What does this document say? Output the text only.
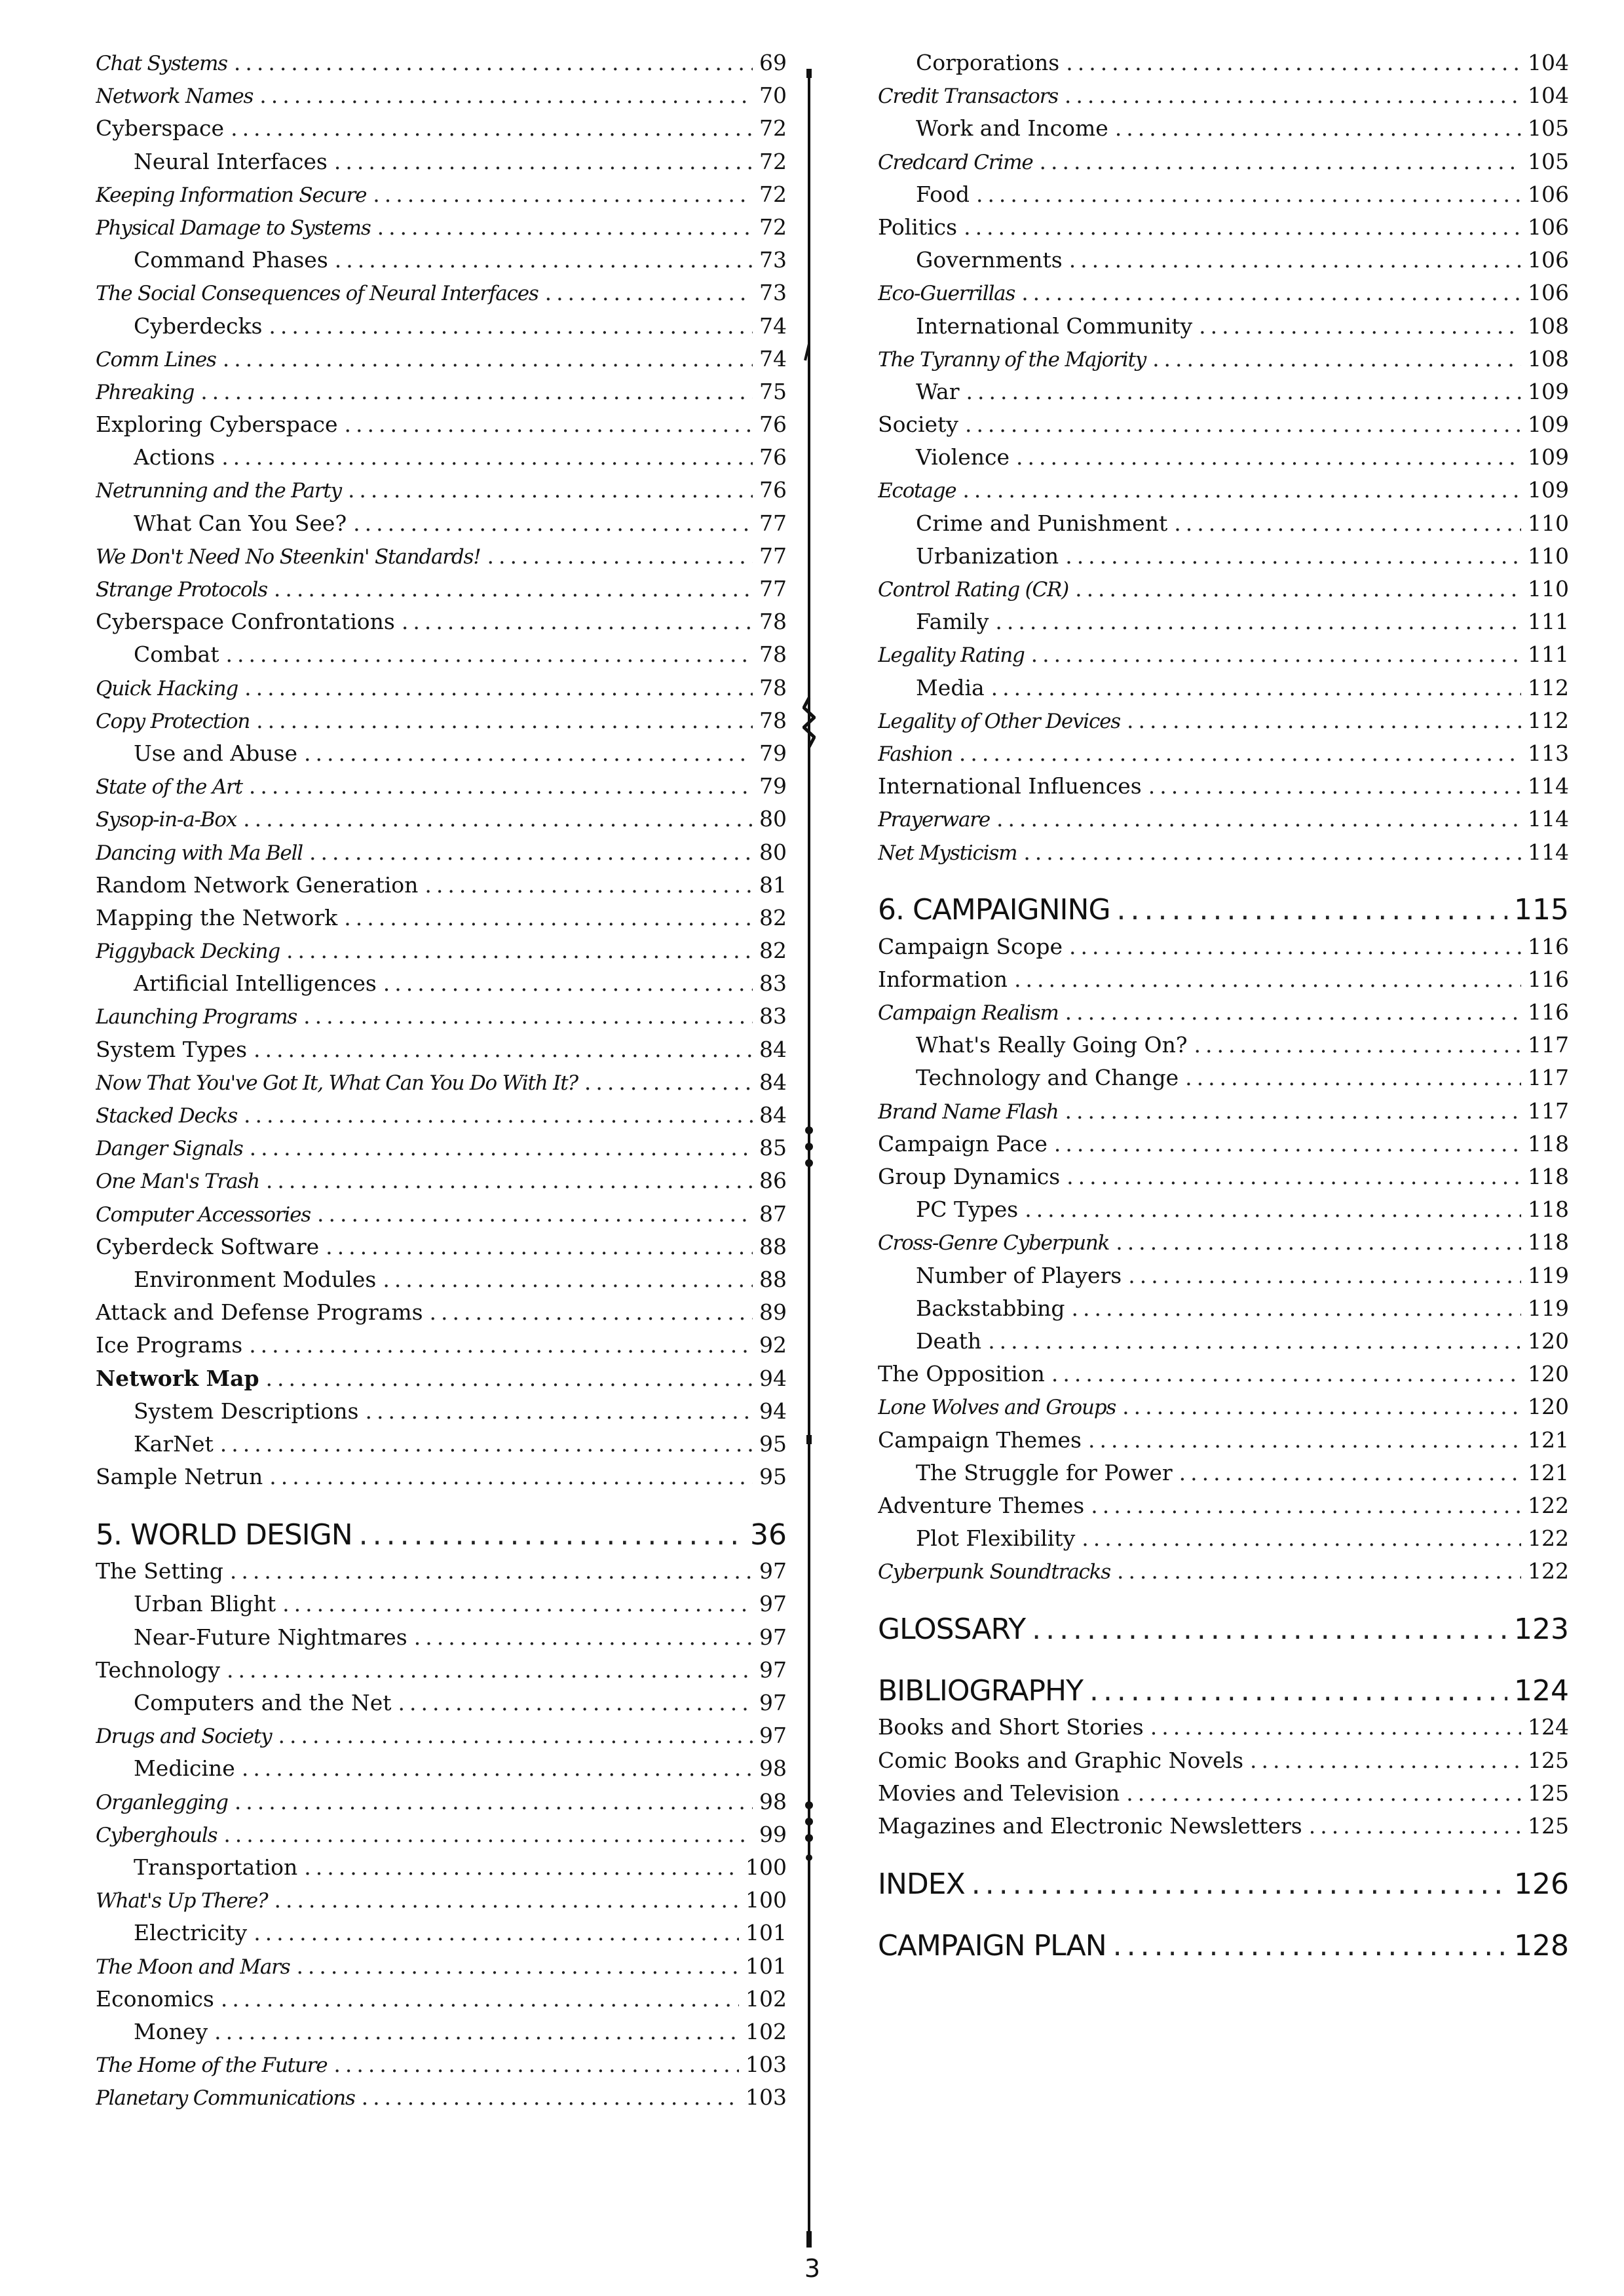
Chat Systems .....	69
Network Names .....	70
Cyberspace .....	72
Neural Interfaces .....	72
Keeping Information Secure .....	72
Physical Damage to Systems .....	72
Command Phases .....	73
The Social Consequences of Neural Interfaces .....	73
Cyberdecks .....	74
Comm Lines .....	74
Phreaking .....	75
Exploring Cyberspace .....	76
Actions .....	76
Netrunning and the Party .....	76
What Can You See? .....	77
We Don't Need No Steenkin' Standards! .....	77
Strange Protocols .....	77
Cyberspace Confrontations .....	78
Combat .....	78
Quick Hacking .....	78
Copy Protection .....	78
Use and Abuse .....	79
State of the Art .....	79
Sysop-in-a-Box .....	80
Dancing with Ma Bell .....	80
Random Network Generation .....	81
Mapping the Network .....	82
Piggyback Decking .....	82
Artificial Intelligences .....	83
Launching Programs .....	83
System Types .....	84
Now That You've Got It, What Can You Do With It? .....	84
Stacked Decks .....	84
Danger Signals .....	85
One Man's Trash .....	86
Computer Accessories .....	87
Cyberdeck Software .....	88
Environment Modules .....	88
Attack and Defense Programs .....	89
Ice Programs .....	92
Network Map .....	94
System Descriptions .....	94
KarNet .....	95
Sample Netrun .....	95
5. WORLD DESIGN .....	36
The Setting .....	97
Urban Blight .....	97
Near-Future Nightmares .....	97
Technology .....	97
Computers and the Net .....	97
Drugs and Society .....	97
Medicine .....	98
Organlegging .....	98
Cyberghouls .....	99
Transportation .....	100
What's Up There? .....	100
Electricity .....	101
The Moon and Mars .....	101
Economics .....	102
Money .....	102
The Home of the Future .....	103
Planetary Communications .....	103
Corporations .....	104
Credit Transactors .....	104
Work and Income .....	105
Credcard Crime .....	105
Food .....	106
Politics .....	106
Governments .....	106
Eco-Guerrillas .....	106
International Community .....	108
The Tyranny of the Majority .....	108
War .....	109
Society .....	109
Violence .....	109
Ecotage .....	109
Crime and Punishment .....	110
Urbanization .....	110
Control Rating (CR) .....	110
Family .....	111
Legality Rating .....	111
Media .....	112
Legality of Other Devices .....	112
Fashion .....	113
International Influences .....	114
Prayerware .....	114
Net Mysticism .....	114
6. CAMPAIGNING .....	115
Campaign Scope .....	116
Information .....	116
Campaign Realism .....	116
What's Really Going On? .....	117
Technology and Change .....	117
Brand Name Flash .....	117
Campaign Pace .....	118
Group Dynamics .....	118
PC Types .....	118
Cross-Genre Cyberpunk .....	118
Number of Players .....	119
Backstabbing .....	119
Death .....	120
The Opposition .....	120
Lone Wolves and Groups .....	120
Campaign Themes .....	121
The Struggle for Power .....	121
Adventure Themes .....	122
Plot Flexibility .....	122
Cyberpunk Soundtracks .....	122
GLOSSARY .....	123
BIBLIOGRAPHY .....	124
Books and Short Stories .....	124
Comic Books and Graphic Novels .....	125
Movies and Television .....	125
Magazines and Electronic Newsletters .....	125
INDEX .....	126
CAMPAIGN PLAN .....	128
3
